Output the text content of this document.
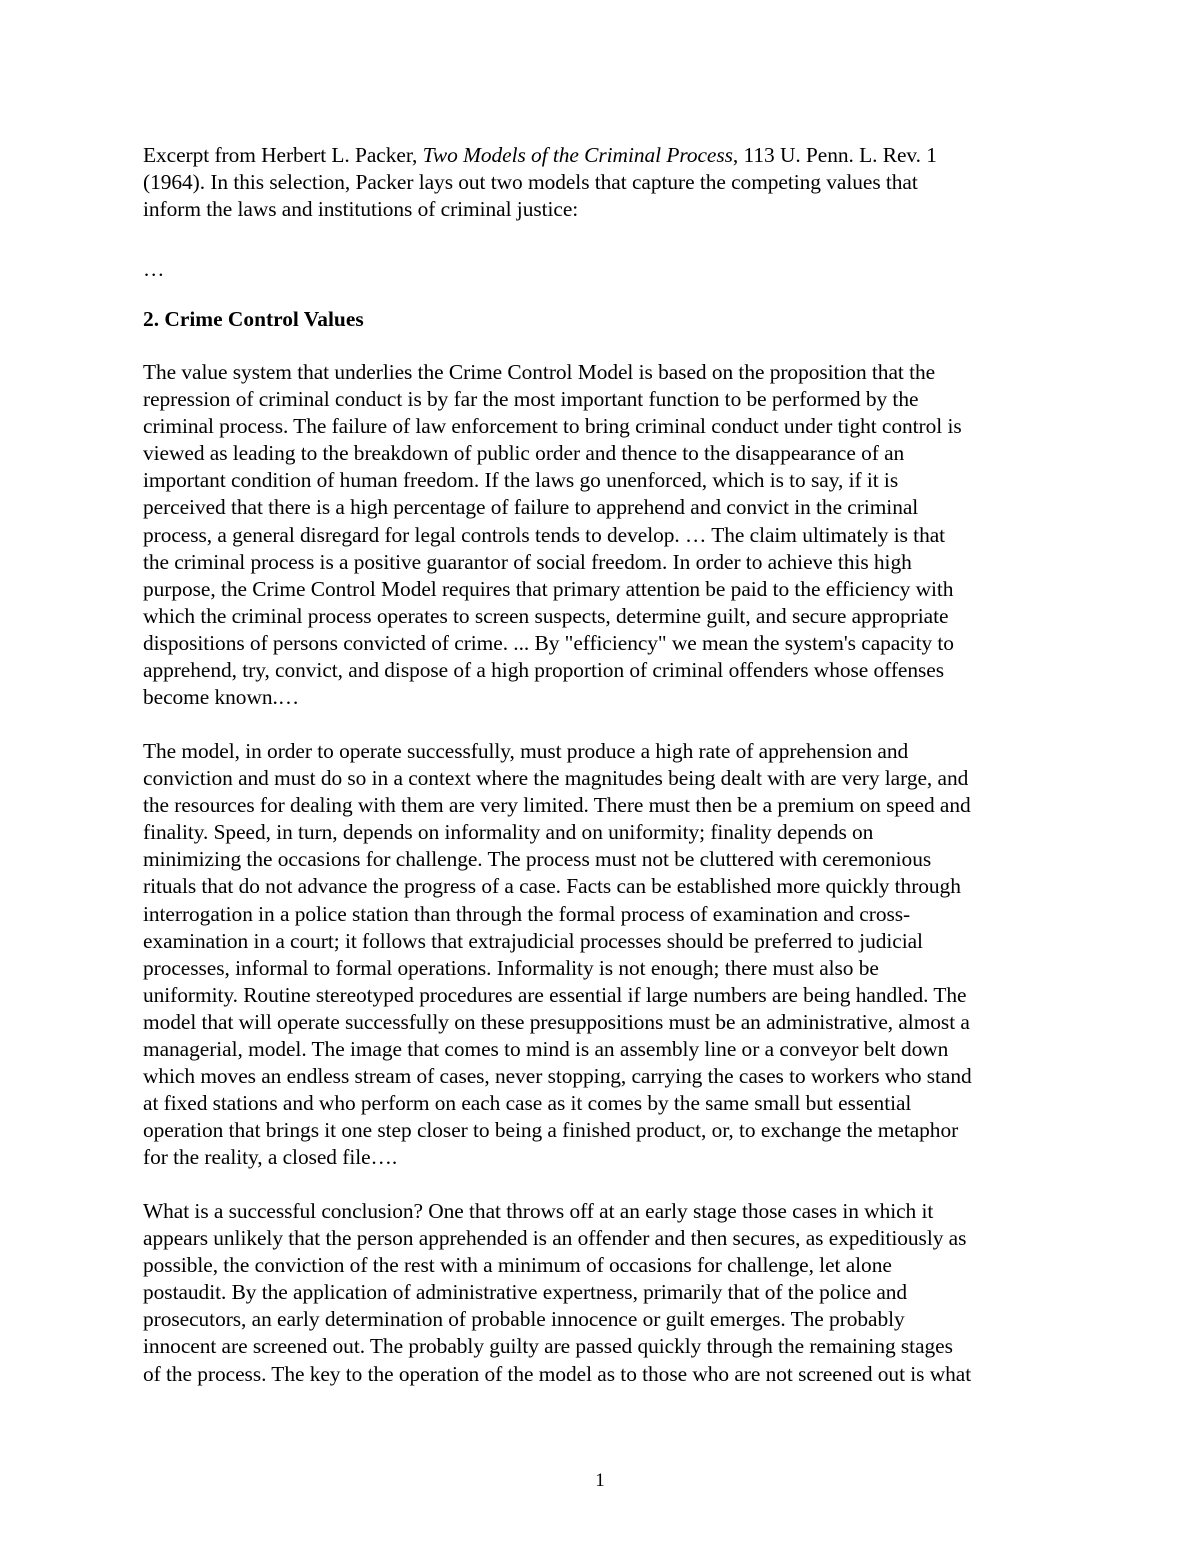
Excerpt from Herbert L. Packer, Two Models of the Criminal Process, 113 U. Penn. L. Rev. 1
(1964). In this selection, Packer lays out two models that capture the competing values that
inform the laws and institutions of criminal justice:

…

2. Crime Control Values

The value system that underlies the Crime Control Model is based on the proposition that the
repression of criminal conduct is by far the most important function to be performed by the
criminal process. The failure of law enforcement to bring criminal conduct under tight control is
viewed as leading to the breakdown of public order and thence to the disappearance of an
important condition of human freedom. If the laws go unenforced, which is to say, if it is
perceived that there is a high percentage of failure to apprehend and convict in the criminal
process, a general disregard for legal controls tends to develop. … The claim ultimately is that
the criminal process is a positive guarantor of social freedom. In order to achieve this high
purpose, the Crime Control Model requires that primary attention be paid to the efficiency with
which the criminal process operates to screen suspects, determine guilt, and secure appropriate
dispositions of persons convicted of crime. ... By "efficiency" we mean the system's capacity to
apprehend, try, convict, and dispose of a high proportion of criminal offenders whose offenses
become known.…

The model, in order to operate successfully, must produce a high rate of apprehension and
conviction and must do so in a context where the magnitudes being dealt with are very large, and
the resources for dealing with them are very limited. There must then be a premium on speed and
finality. Speed, in turn, depends on informality and on uniformity; finality depends on
minimizing the occasions for challenge. The process must not be cluttered with ceremonious
rituals that do not advance the progress of a case. Facts can be established more quickly through
interrogation in a police station than through the formal process of examination and cross-
examination in a court; it follows that extrajudicial processes should be preferred to judicial
processes, informal to formal operations. Informality is not enough; there must also be
uniformity. Routine stereotyped procedures are essential if large numbers are being handled. The
model that will operate successfully on these presuppositions must be an administrative, almost a
managerial, model. The image that comes to mind is an assembly line or a conveyor belt down
which moves an endless stream of cases, never stopping, carrying the cases to workers who stand
at fixed stations and who perform on each case as it comes by the same small but essential
operation that brings it one step closer to being a finished product, or, to exchange the metaphor
for the reality, a closed file….

What is a successful conclusion? One that throws off at an early stage those cases in which it
appears unlikely that the person apprehended is an offender and then secures, as expeditiously as
possible, the conviction of the rest with a minimum of occasions for challenge, let alone
postaudit. By the application of administrative expertness, primarily that of the police and
prosecutors, an early determination of probable innocence or guilt emerges. The probably
innocent are screened out. The probably guilty are passed quickly through the remaining stages
of the process. The key to the operation of the model as to those who are not screened out is what

1
